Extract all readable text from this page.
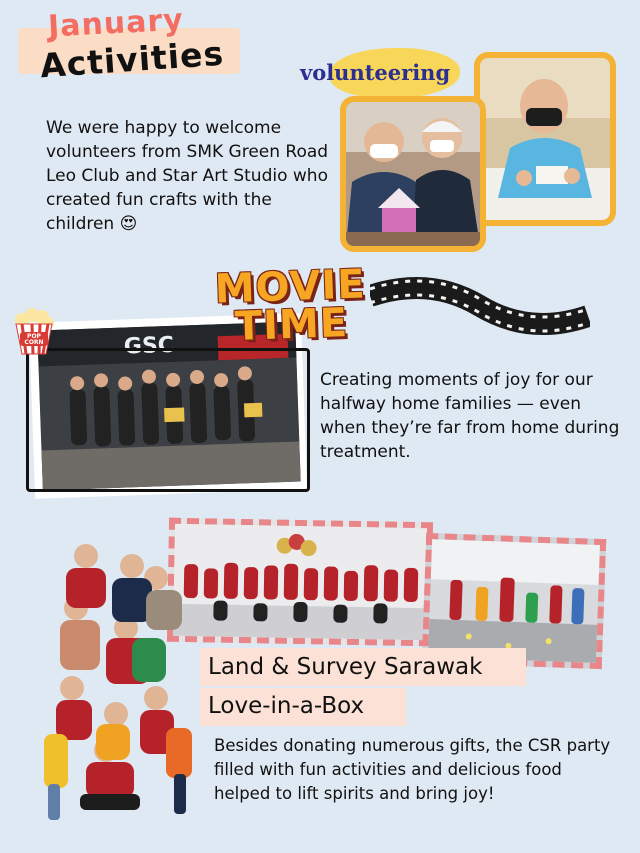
January
Activities
We were happy to welcome volunteers from SMK Green Road Leo Club and Star Art Studio who created fun crafts with the children 😍
volunteering
GSC
POP
CORN
MOVIE
TIME
Creating moments of joy for our halfway home families — even when they’re far from home during treatment.
Land & Survey Sarawak
Love-in-a-Box
Besides donating numerous gifts, the CSR party filled with fun activities and delicious food helped to lift spirits and bring joy!
